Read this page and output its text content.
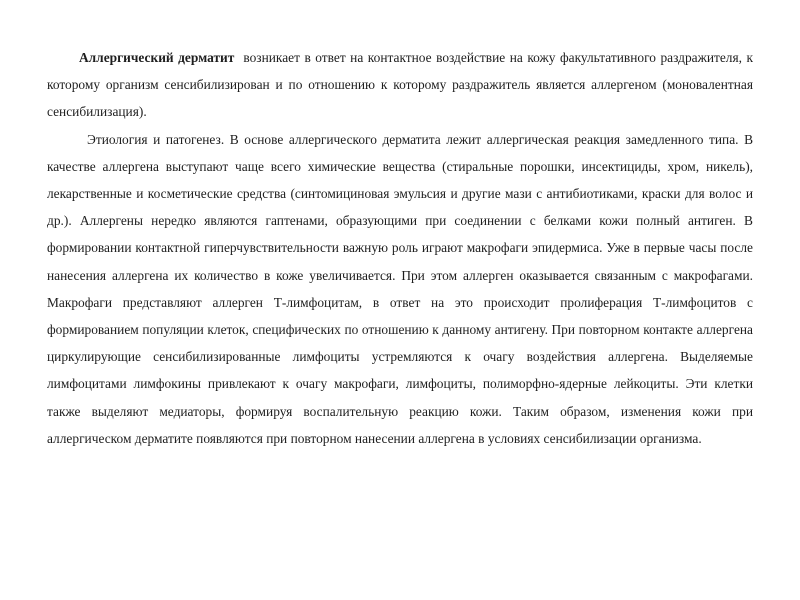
Аллергический дерматит возникает в ответ на контактное воздействие на кожу факультативного раздражителя, к которому организм сенсибилизирован и по отношению к которому раздражитель является аллергеном (моновалентная сенсибилизация).

Этиология и патогенез. В основе аллергического дерматита лежит аллергическая реакция замедленного типа. В качестве аллергена выступают чаще всего химические вещества (стиральные порошки, инсектициды, хром, никель), лекарственные и косметические средства (синтомициновая эмульсия и другие мази с антибиотиками, краски для волос и др.). Аллергены нередко являются гаптенами, образующими при соединении с белками кожи полный антиген. В формировании контактной гиперчувствительности важную роль играют макрофаги эпидермиса. Уже в первые часы после нанесения аллергена их количество в коже увеличивается. При этом аллерген оказывается связанным с макрофагами. Макрофаги представляют аллерген Т-лимфоцитам, в ответ на это происходит пролиферация Т-лимфоцитов с формированием популяции клеток, специфических по отношению к данному антигену. При повторном контакте аллергена циркулирующие сенсибилизированные лимфоциты устремляются к очагу воздействия аллергена. Выделяемые лимфоцитами лимфокины привлекают к очагу макрофаги, лимфоциты, полиморфно-ядерные лейкоциты. Эти клетки также выделяют медиаторы, формируя воспалительную реакцию кожи. Таким образом, изменения кожи при аллергическом дерматите появляются при повторном нанесении аллергена в условиях сенсибилизации организма.
